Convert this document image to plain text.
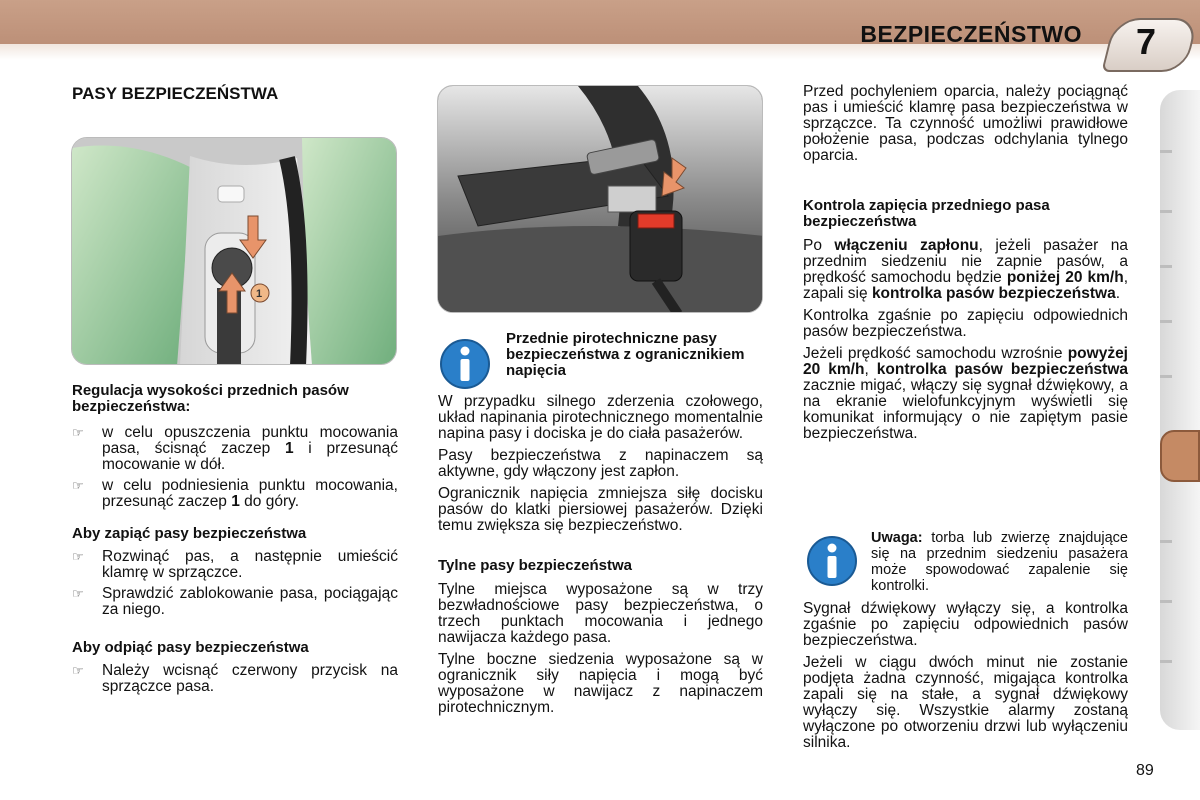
BEZPIECZEŃSTWO	7
PASY BEZPIECZEŃSTWA
1
Regulacja wysokości przednich pasów bezpieczeństwa:
☞	w celu opuszczenia punktu mocowania pasa, ścisnąć zaczep 1 i przesunąć mocowanie w dół.
☞	w celu podniesienia punktu mocowania, przesunąć zaczep 1 do góry.
Aby zapiąć pasy bezpieczeństwa
☞	Rozwinąć pas, a następnie umieścić klamrę w sprzączce.
☞	Sprawdzić zablokowanie pasa, pociągając za niego.
Aby odpiąć pasy bezpieczeństwa
☞	Należy wcisnąć czerwony przycisk na sprzączce pasa.
Przednie pirotechniczne pasy bezpieczeństwa z ogranicznikiem napięcia

W przypadku silnego zderzenia czołowego, układ napinania pirotechnicznego momentalnie napina pasy i dociska je do ciała pasażerów.

Pasy bezpieczeństwa z napinaczem są aktywne, gdy włączony jest zapłon.

Ogranicznik napięcia zmniejsza siłę docisku pasów do klatki piersiowej pasażerów. Dzięki temu zwiększa się bezpieczeństwo.

Tylne pasy bezpieczeństwa

Tylne miejsca wyposażone są w trzy bezwładnościowe pasy bezpieczeństwa, o trzech punktach mocowania i jednego nawijacza każdego pasa.

Tylne boczne siedzenia wyposażone są w ogranicznik siły napięcia i mogą być wyposażone w nawijacz z napinaczem pirotechnicznym.

Przed pochyleniem oparcia, należy pociągnąć pas i umieścić klamrę pasa bezpieczeństwa w sprzączce. Ta czynność umożliwi prawidłowe położenie pasa, podczas odchylania tylnego oparcia.

Kontrola zapięcia przedniego pasa bezpieczeństwa

Po włączeniu zapłonu, jeżeli pasażer na przednim siedzeniu nie zapnie pasów, a prędkość samochodu będzie poniżej 20 km/h, zapali się kontrolka pasów bezpieczeństwa.

Kontrolka zgaśnie po zapięciu odpowiednich pasów bezpieczeństwa.

Jeżeli prędkość samochodu wzrośnie powyżej 20 km/h, kontrolka pasów bezpieczeństwa zacznie migać, włączy się sygnał dźwiękowy, a na ekranie wielofunkcyjnym wyświetli się komunikat informujący o nie zapiętym pasie bezpieczeństwa.

Uwaga: torba lub zwierzę znajdujące się na przednim siedzeniu pasażera może spowodować zapalenie się kontrolki.

Sygnał dźwiękowy wyłączy się, a kontrolka zgaśnie po zapięciu odpowiednich pasów bezpieczeństwa.

Jeżeli w ciągu dwóch minut nie zostanie podjęta żadna czynność, migająca kontrolka zapali się na stałe, a sygnał dźwiękowy wyłączy się. Wszystkie alarmy zostaną wyłączone po otworzeniu drzwi lub wyłączeniu silnika.

89
